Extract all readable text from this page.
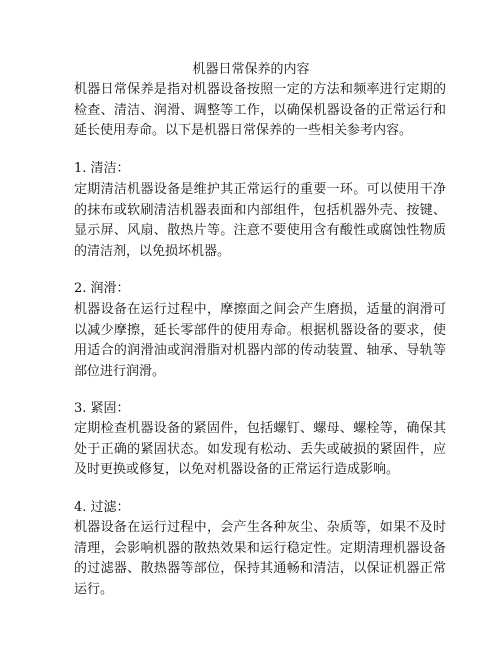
机器日常保养的内容

机器日常保养是指对机器设备按照一定的方法和频率进行定期的检查、清洁、润滑、调整等工作，以确保机器设备的正常运行和延长使用寿命。以下是机器日常保养的一些相关参考内容。

1. 清洁：

定期清洁机器设备是维护其正常运行的重要一环。可以使用干净的抹布或软刷清洁机器表面和内部组件，包括机器外壳、按键、显示屏、风扇、散热片等。注意不要使用含有酸性或腐蚀性物质的清洁剂，以免损坏机器。

2. 润滑：

机器设备在运行过程中，摩擦面之间会产生磨损，适量的润滑可以减少摩擦，延长零部件的使用寿命。根据机器设备的要求，使用适合的润滑油或润滑脂对机器内部的传动装置、轴承、导轨等部位进行润滑。

3. 紧固：

定期检查机器设备的紧固件，包括螺钉、螺母、螺栓等，确保其处于正确的紧固状态。如发现有松动、丢失或破损的紧固件，应及时更换或修复，以免对机器设备的正常运行造成影响。

4. 过滤：

机器设备在运行过程中，会产生各种灰尘、杂质等，如果不及时清理，会影响机器的散热效果和运行稳定性。定期清理机器设备的过滤器、散热器等部位，保持其通畅和清洁，以保证机器正常运行。
